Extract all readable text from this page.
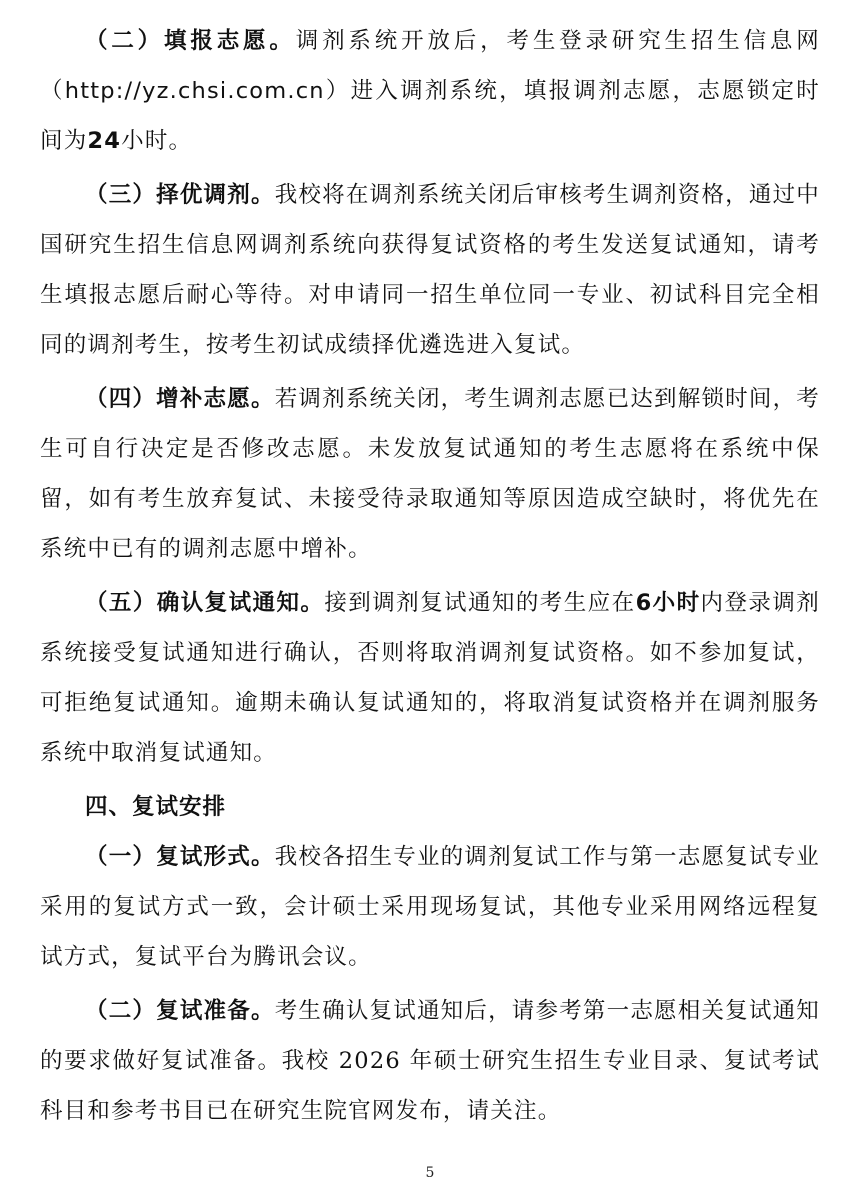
（二）填报志愿。调剂系统开放后，考生登录研究生招生信息网（http://yz.chsi.com.cn）进入调剂系统，填报调剂志愿，志愿锁定时间为24小时。

（三）择优调剂。我校将在调剂系统关闭后审核考生调剂资格，通过中国研究生招生信息网调剂系统向获得复试资格的考生发送复试通知，请考生填报志愿后耐心等待。对申请同一招生单位同一专业、初试科目完全相同的调剂考生，按考生初试成绩择优遴选进入复试。

（四）增补志愿。若调剂系统关闭，考生调剂志愿已达到解锁时间，考生可自行决定是否修改志愿。未发放复试通知的考生志愿将在系统中保留，如有考生放弃复试、未接受待录取通知等原因造成空缺时，将优先在系统中已有的调剂志愿中增补。

（五）确认复试通知。接到调剂复试通知的考生应在6小时内登录调剂系统接受复试通知进行确认，否则将取消调剂复试资格。如不参加复试，可拒绝复试通知。逾期未确认复试通知的，将取消复试资格并在调剂服务系统中取消复试通知。

四、复试安排

（一）复试形式。我校各招生专业的调剂复试工作与第一志愿复试专业采用的复试方式一致，会计硕士采用现场复试，其他专业采用网络远程复试方式，复试平台为腾讯会议。

（二）复试准备。考生确认复试通知后，请参考第一志愿相关复试通知的要求做好复试准备。我校 2026 年硕士研究生招生专业目录、复试考试科目和参考书目已在研究生院官网发布，请关注。

5
